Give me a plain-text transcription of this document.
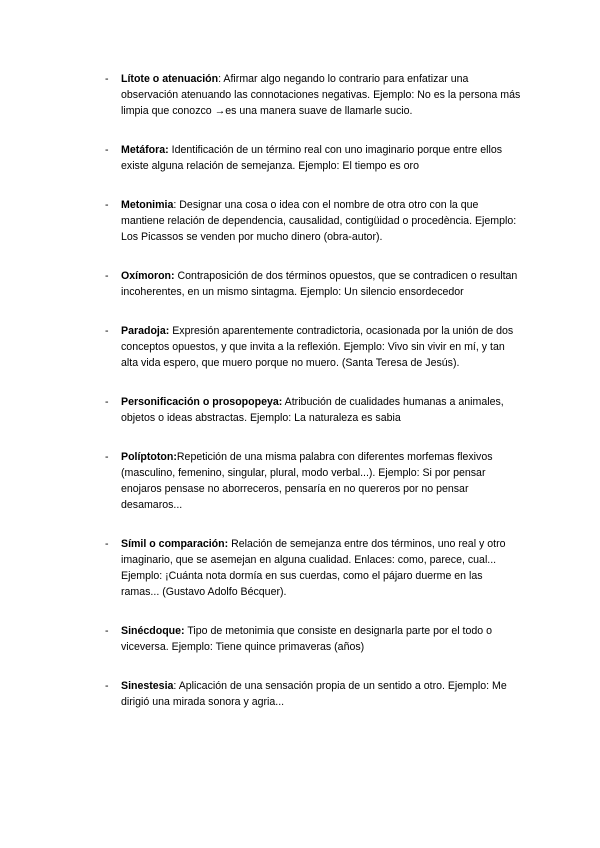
- Lítote o atenuación: Afirmar algo negando lo contrario para enfatizar una observación atenuando las connotaciones negativas. Ejemplo: No es la persona más limpia que conozco →es una manera suave de llamarle sucio.
- Metáfora: Identificación de un término real con uno imaginario porque entre ellos existe alguna relación de semejanza. Ejemplo: El tiempo es oro
- Metonimia: Designar una cosa o idea con el nombre de otra otro con la que mantiene relación de dependencia, causalidad, contigüidad o procedència. Ejemplo: Los Picassos se venden por mucho dinero (obra-autor).
- Oxímoron: Contraposición de dos términos opuestos, que se contradicen o resultan incoherentes, en un mismo sintagma. Ejemplo: Un silencio ensordecedor
- Paradoja: Expresión aparentemente contradictoria, ocasionada por la unión de dos conceptos opuestos, y que invita a la reflexión. Ejemplo: Vivo sin vivir en mí, y tan alta vida espero, que muero porque no muero. (Santa Teresa de Jesús).
- Personificación o prosopopeya: Atribución de cualidades humanas a animales, objetos o ideas abstractas. Ejemplo: La naturaleza es sabia
- Políptoton:Repetición de una misma palabra con diferentes morfemas flexivos (masculino, femenino, singular, plural, modo verbal...). Ejemplo: Si por pensar enojaros pensase no aborreceros, pensaría en no quereros por no pensar desamaros...
- Símil o comparación: Relación de semejanza entre dos términos, uno real y otro imaginario, que se asemejan en alguna cualidad. Enlaces: como, parece, cual... Ejemplo: ¡Cuánta nota dormía en sus cuerdas, como el pájaro duerme en las ramas... (Gustavo Adolfo Bécquer).
- Sinécdoque: Tipo de metonimia que consiste en designarla parte por el todo o viceversa. Ejemplo: Tiene quince primaveras (años)
- Sinestesia: Aplicación de una sensación propia de un sentido a otro. Ejemplo: Me dirigió una mirada sonora y agria...
